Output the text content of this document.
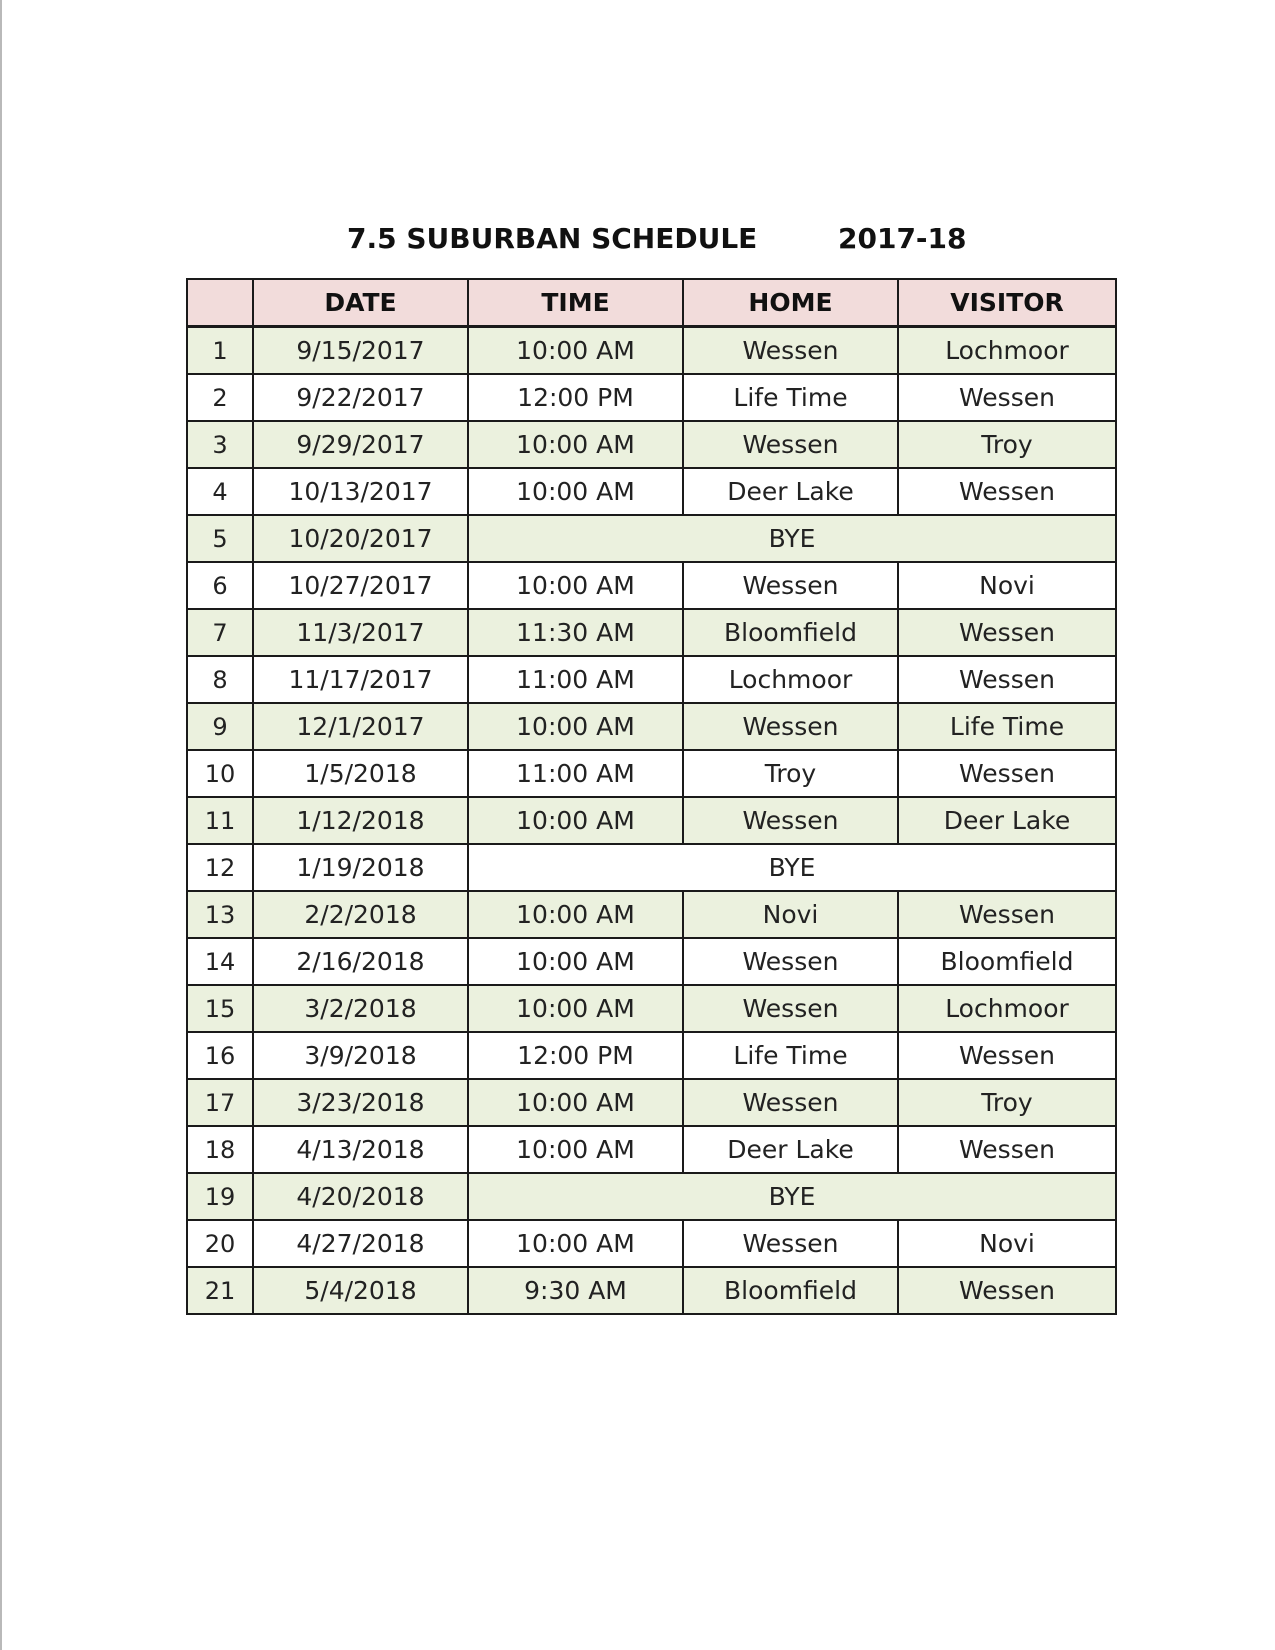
7.5 SUBURBAN SCHEDULE	2017-18
	DATE	TIME	HOME	VISITOR
1	9/15/2017	10:00 AM	Wessen	Lochmoor
2	9/22/2017	12:00 PM	Life Time	Wessen
3	9/29/2017	10:00 AM	Wessen	Troy
4	10/13/2017	10:00 AM	Deer Lake	Wessen
5	10/20/2017	BYE		
6	10/27/2017	10:00 AM	Wessen	Novi
7	11/3/2017	11:30 AM	Bloomfield	Wessen
8	11/17/2017	11:00 AM	Lochmoor	Wessen
9	12/1/2017	10:00 AM	Wessen	Life Time
10	1/5/2018	11:00 AM	Troy	Wessen
11	1/12/2018	10:00 AM	Wessen	Deer Lake
12	1/19/2018	BYE		
13	2/2/2018	10:00 AM	Novi	Wessen
14	2/16/2018	10:00 AM	Wessen	Bloomfield
15	3/2/2018	10:00 AM	Wessen	Lochmoor
16	3/9/2018	12:00 PM	Life Time	Wessen
17	3/23/2018	10:00 AM	Wessen	Troy
18	4/13/2018	10:00 AM	Deer Lake	Wessen
19	4/20/2018	BYE		
20	4/27/2018	10:00 AM	Wessen	Novi
21	5/4/2018	9:30 AM	Bloomfield	Wessen
